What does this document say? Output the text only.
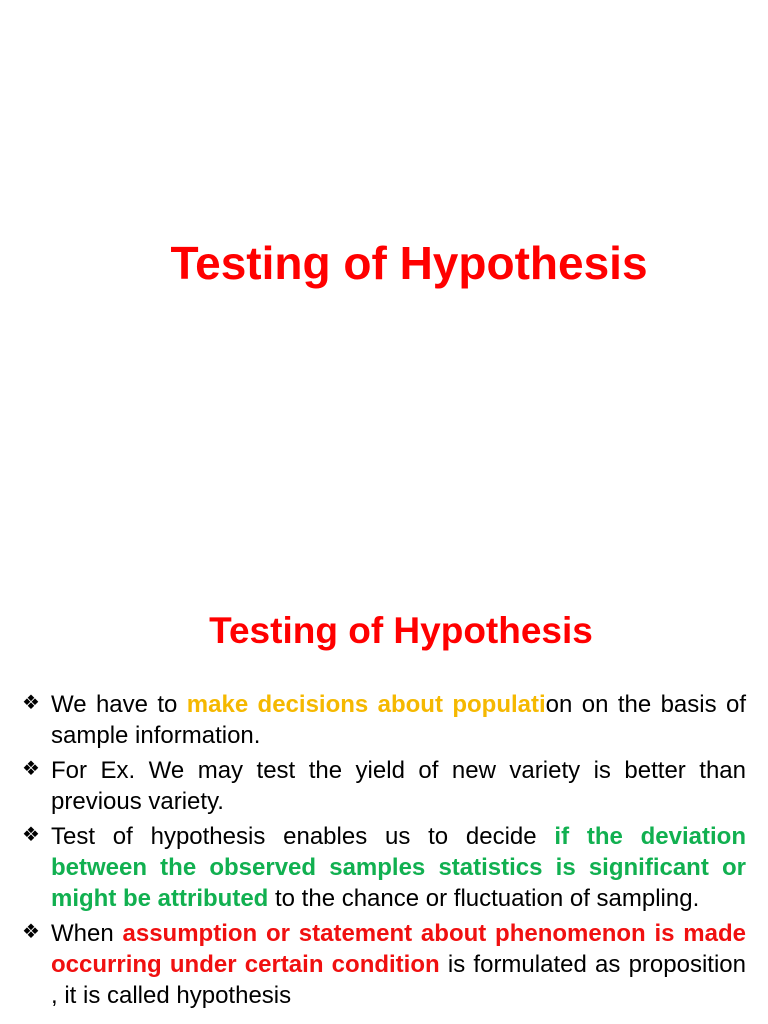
Testing of Hypothesis
Testing of Hypothesis
❖ We have to make decisions about population on the basis of sample information.
❖ For Ex. We may test the yield of new variety is better than previous variety.
❖ Test of hypothesis enables us to decide if the deviation between the observed samples statistics is significant or might be attributed to the chance or fluctuation of sampling.
❖ When assumption or statement about phenomenon is made occurring under certain condition is formulated as proposition , it is called hypothesis
